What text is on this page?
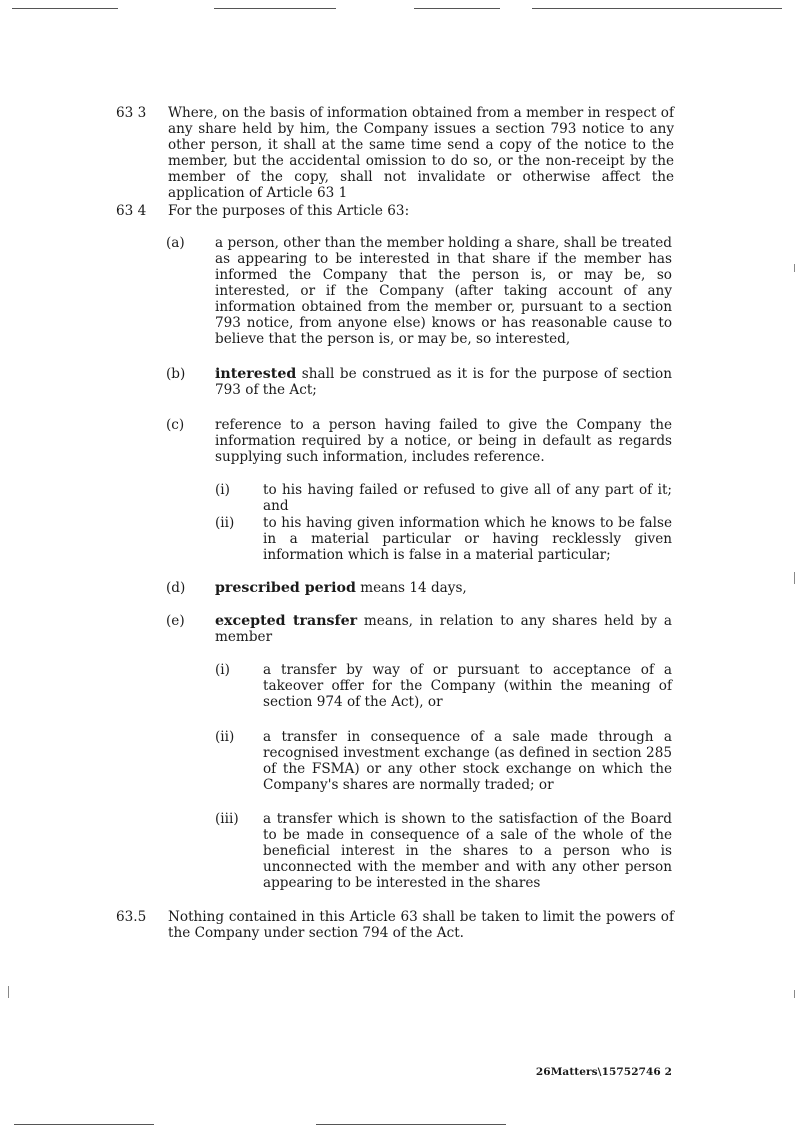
63 3 Where, on the basis of information obtained from a member in respect of any share held by him, the Company issues a section 793 notice to any other person, it shall at the same time send a copy of the notice to the member, but the accidental omission to do so, or the non-receipt by the member of the copy, shall not invalidate or otherwise affect the application of Article 63 1
63 4 For the purposes of this Article 63:
(a) a person, other than the member holding a share, shall be treated as appearing to be interested in that share if the member has informed the Company that the person is, or may be, so interested, or if the Company (after taking account of any information obtained from the member or, pursuant to a section 793 notice, from anyone else) knows or has reasonable cause to believe that the person is, or may be, so interested,
(b) interested shall be construed as it is for the purpose of section 793 of the Act;
(c) reference to a person having failed to give the Company the information required by a notice, or being in default as regards supplying such information, includes reference.
(i) to his having failed or refused to give all of any part of it; and
(ii) to his having given information which he knows to be false in a material particular or having recklessly given information which is false in a material particular;
(d) prescribed period means 14 days,
(e) excepted transfer means, in relation to any shares held by a member
(i) a transfer by way of or pursuant to acceptance of a takeover offer for the Company (within the meaning of section 974 of the Act), or
(ii) a transfer in consequence of a sale made through a recognised investment exchange (as defined in section 285 of the FSMA) or any other stock exchange on which the Company's shares are normally traded; or
(iii) a transfer which is shown to the satisfaction of the Board to be made in consequence of a sale of the whole of the beneficial interest in the shares to a person who is unconnected with the member and with any other person appearing to be interested in the shares
63.5 Nothing contained in this Article 63 shall be taken to limit the powers of the Company under section 794 of the Act.
26Matters\15752746 2
